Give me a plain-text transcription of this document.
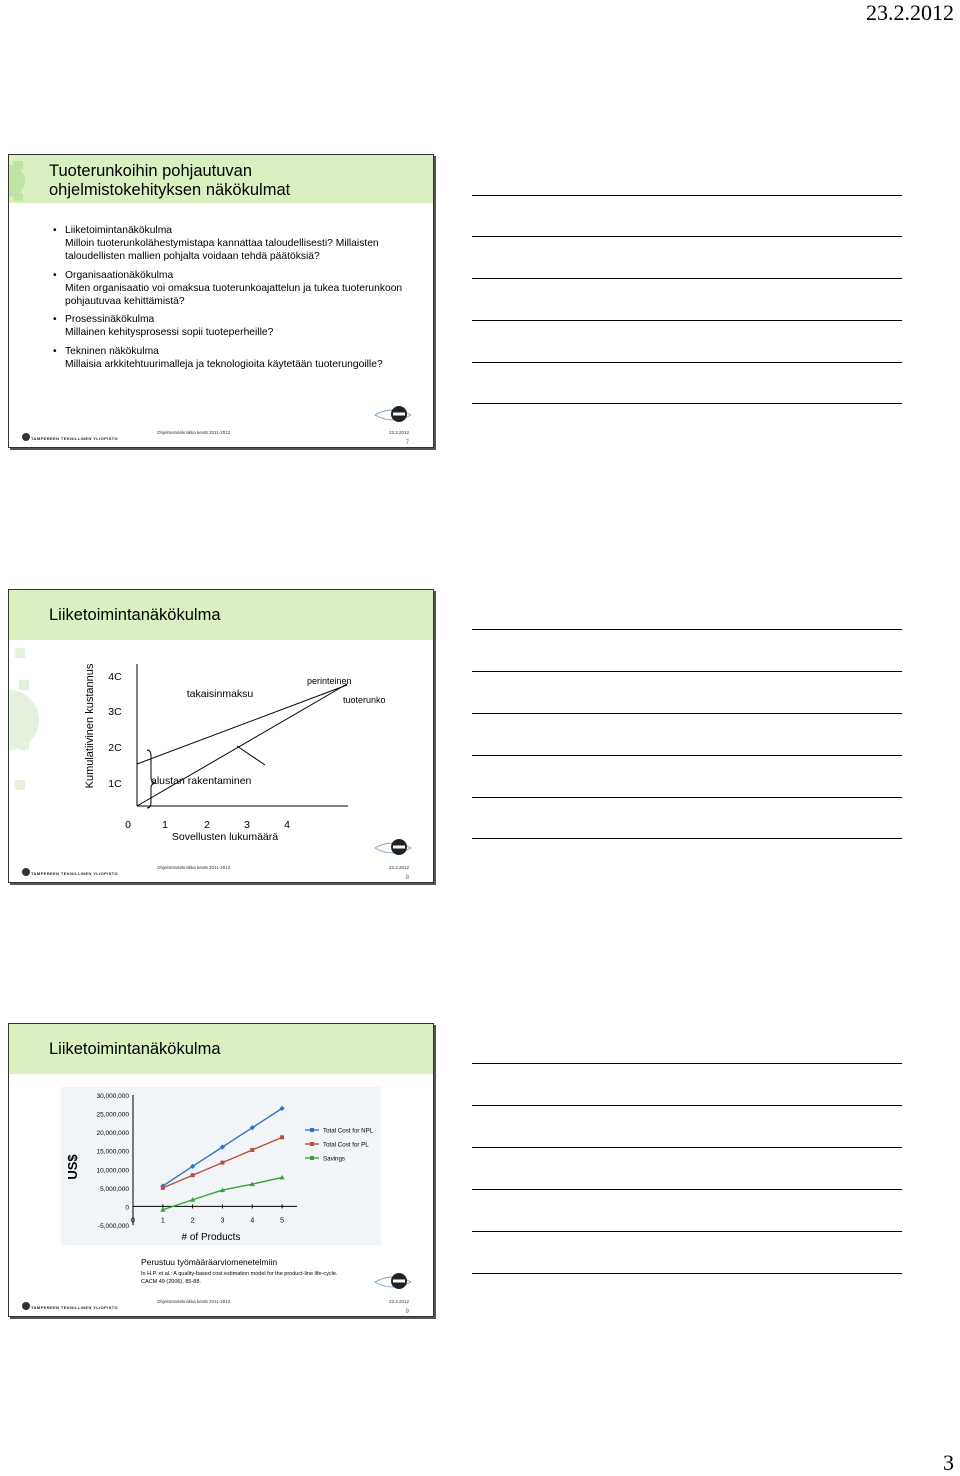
23.2.2012
Tuoterunkoihin pohjautuvan
ohjelmistokehityksen näkökulmat
• Liiketoimintanäkökulma
Milloin tuoterunkolähestymistapa kannattaa taloudellisesti? Millaisten taloudellisten mallien pohjalta voidaan tehdä päätöksiä?
• Organisaationäkökulma
Miten organisaatio voi omaksua tuoterunkoajattelun ja tukea tuoterunkoon pohjautuvaa kehittämistä?
• Prosessinäkökulma
Millainen kehitysprosessi sopii tuoteperheille?
• Tekninen näkökulma
Millaisia arkkitehtuurimalleja ja teknologioita käytetään tuoterungoille?
TAMPEREEN TEKNILLINEN YLIOPISTO
Ohjelmistotekniikka kevät 2011-2012	23.2.2012
7
Liiketoimintanäkökulma
Kumulatiivinen kustannus 4C
3C
2C
1C
takaisinmaksu
perinteinen
tuoterunko
alustan rakentaminen
0	1	2	3	4
Sovellusten lukumäärä
TAMPEREEN TEKNILLINEN YLIOPISTO
Ohjelmistotekniikka kevät 2011-2012	23.2.2012
8
Liiketoimintanäkökulma
30,000,000
25,000,000
20,000,000
15,000,000
10,000,000
5,000,000
0
-5,000,000
0	1	2	3	4	5
Total Cost for NPL
Total Cost for PL
Savings
US$
# of Products
Perustuu työmääräarviomenetelmiin
In H.P. et al.: A quality-based cost estimation model for the product-line life-cycle.
CACM 49 (2006), 85-88.
TAMPEREEN TEKNILLINEN YLIOPISTO
Ohjelmistotekniikka kevät 2011-2012	23.2.2012
9
3
